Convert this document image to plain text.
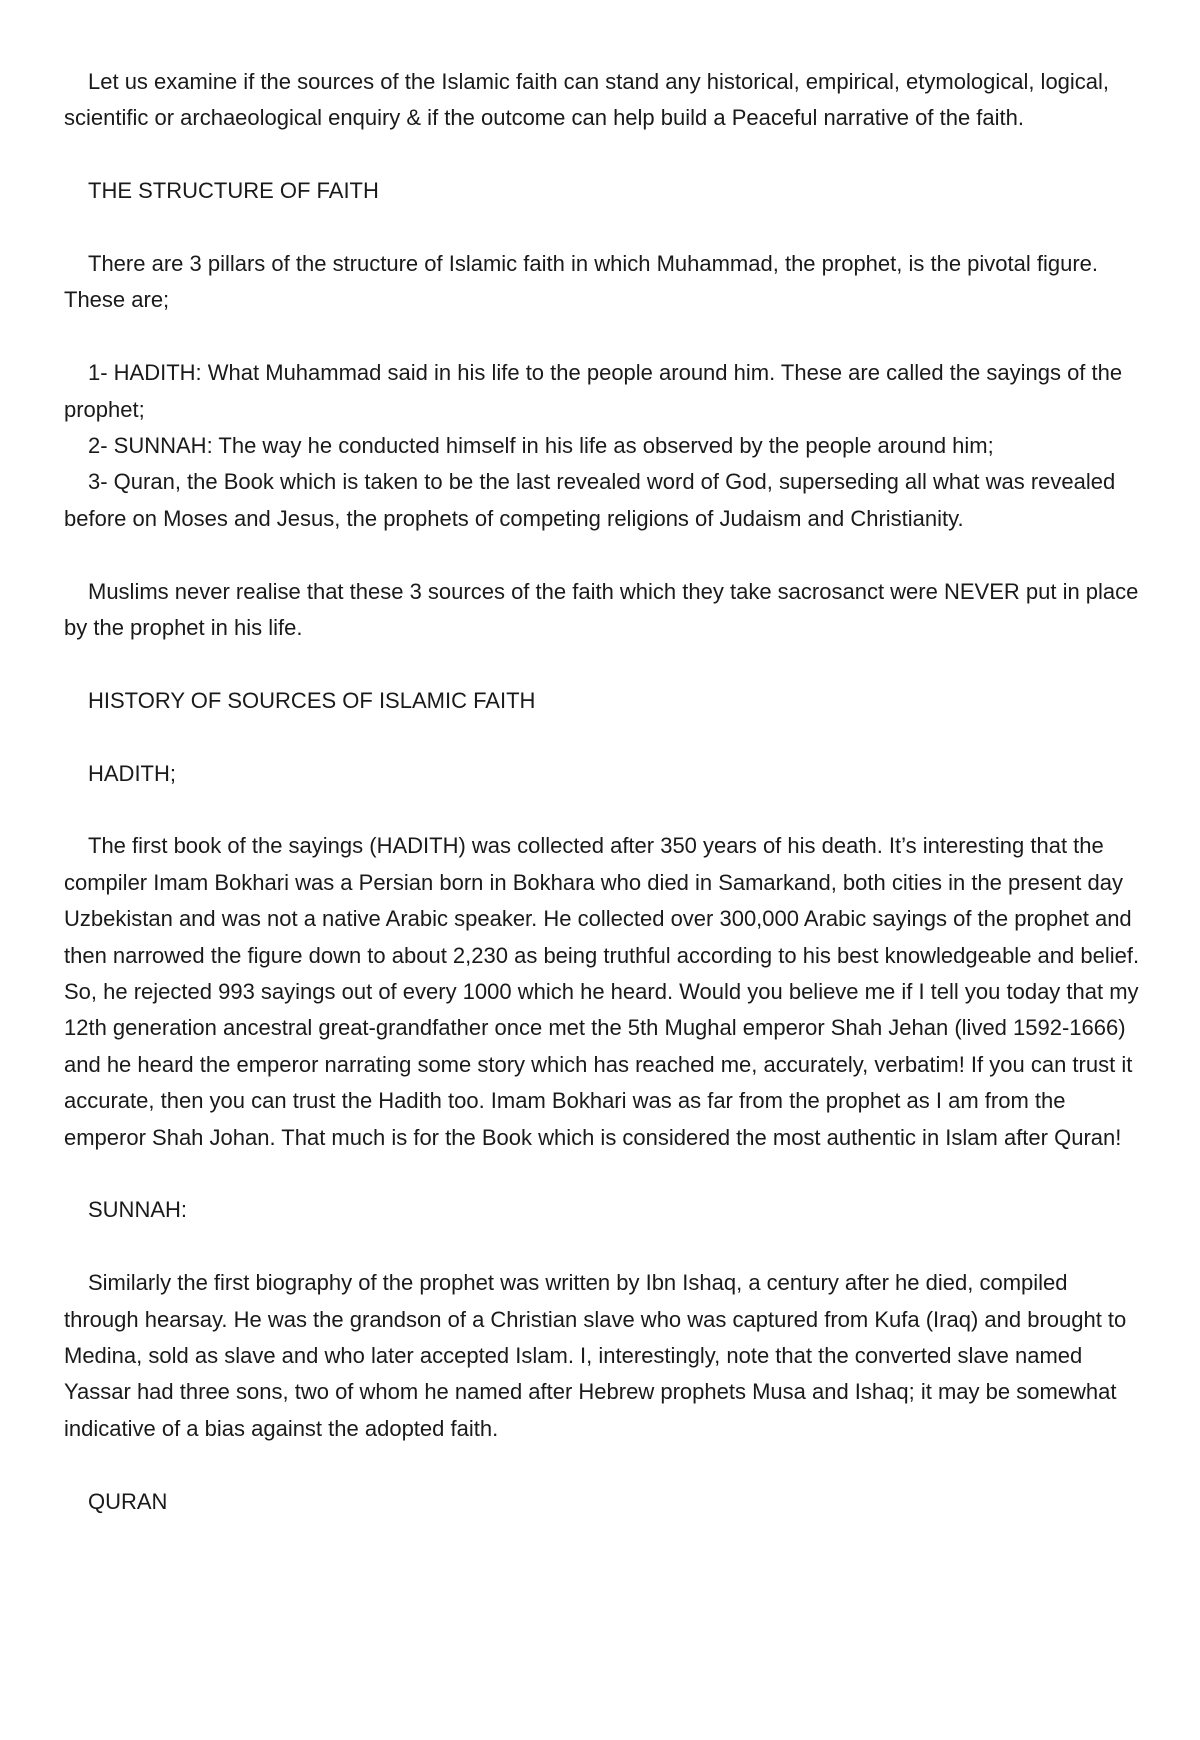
Let us examine if the sources of the Islamic faith can stand any historical, empirical, etymological, logical, scientific or archaeological enquiry & if the outcome can help build a Peaceful narrative of the faith.

THE STRUCTURE OF FAITH

There are 3 pillars of the structure of Islamic faith in which Muhammad, the prophet, is the pivotal figure. These are;

1- HADITH: What Muhammad said in his life to the people around him. These are called the sayings of the prophet;

2- SUNNAH: The way he conducted himself in his life as observed by the people around him;

3- Quran, the Book which is taken to be the last revealed word of God, superseding all what was revealed before on Moses and Jesus, the prophets of competing religions of Judaism and Christianity.

Muslims never realise that these 3 sources of the faith which they take sacrosanct were NEVER put in place by the prophet in his life.

HISTORY OF SOURCES OF ISLAMIC FAITH

HADITH;

The first book of the sayings (HADITH) was collected after 350 years of his death. It’s interesting that the compiler Imam Bokhari was a Persian born in Bokhara who died in Samarkand, both cities in the present day Uzbekistan and was not a native Arabic speaker. He collected over 300,000 Arabic sayings of the prophet and then narrowed the figure down to about 2,230 as being truthful according to his best knowledgeable and belief. So, he rejected 993 sayings out of every 1000 which he heard. Would you believe me if I tell you today that my 12th generation ancestral great-grandfather once met the 5th Mughal emperor Shah Jehan (lived 1592-1666) and he heard the emperor narrating some story which has reached me, accurately, verbatim! If you can trust it accurate, then you can trust the Hadith too. Imam Bokhari was as far from the prophet as I am from the emperor Shah Johan. That much is for the Book which is considered the most authentic in Islam after Quran!

SUNNAH:

Similarly the first biography of the prophet was written by Ibn Ishaq, a century after he died, compiled through hearsay. He was the grandson of a Christian slave who was captured from Kufa (Iraq) and brought to Medina, sold as slave and who later accepted Islam. I, interestingly, note that the converted slave named Yassar had three sons, two of whom he named after Hebrew prophets Musa and Ishaq; it may be somewhat indicative of a bias against the adopted faith.

QURAN
